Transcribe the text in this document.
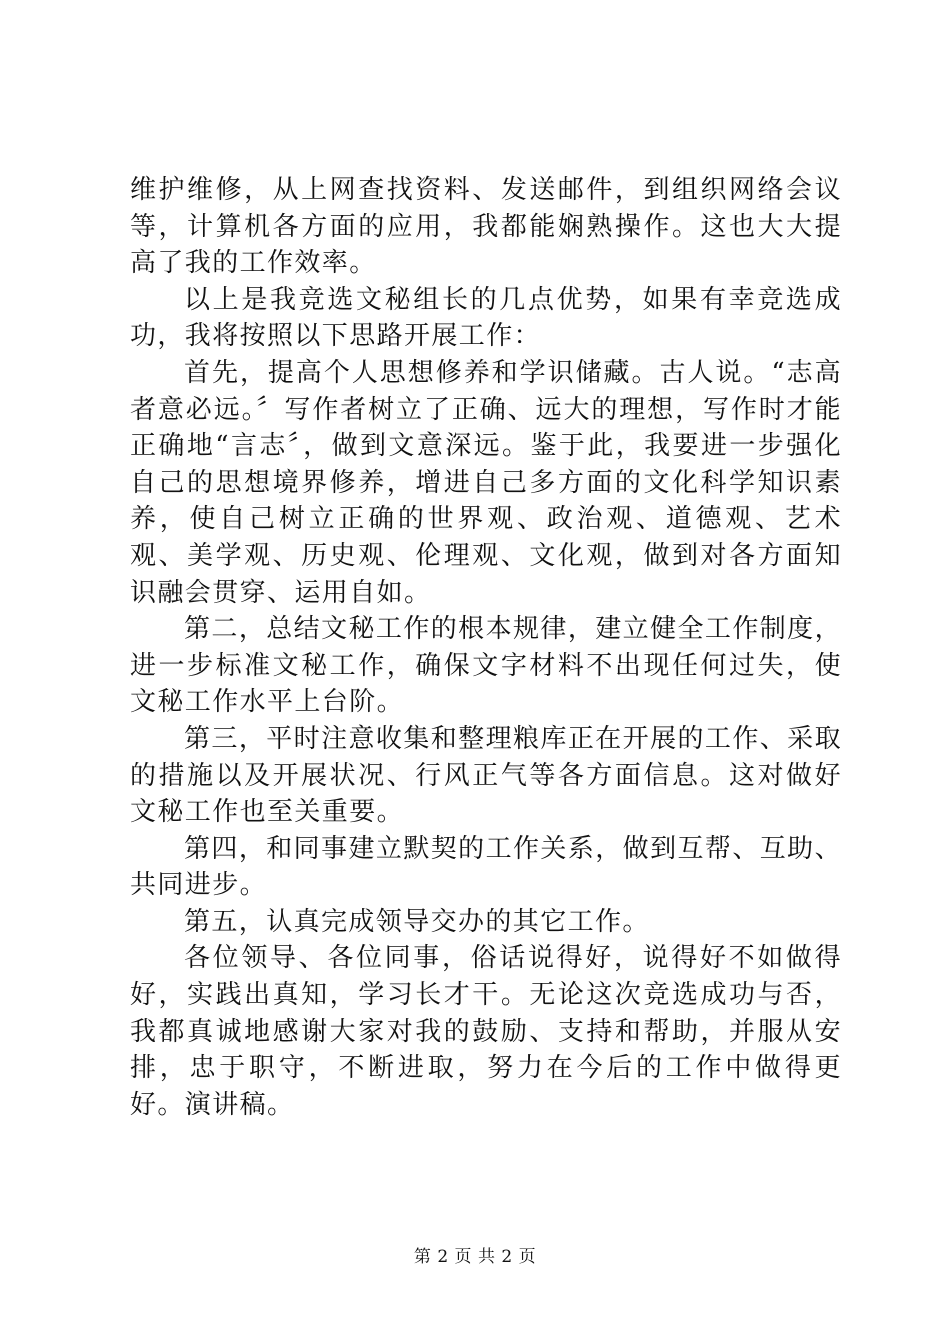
维护维修，从上网查找资料、发送邮件，到组织网络会议等，计算机各方面的应用，我都能娴熟操作。这也大大提高了我的工作效率。

以上是我竞选文秘组长的几点优势，如果有幸竞选成功，我将按照以下思路开展工作：

首先，提高个人思想修养和学识储藏。古人说。“志高者意必远。〞写作者树立了正确、远大的理想，写作时才能正确地“言志〞，做到文意深远。鉴于此，我要进一步强化自己的思想境界修养，增进自己多方面的文化科学知识素养，使自己树立正确的世界观、政治观、道德观、艺术观、美学观、历史观、伦理观、文化观，做到对各方面知识融会贯穿、运用自如。

第二，总结文秘工作的根本规律，建立健全工作制度，进一步标准文秘工作，确保文字材料不出现任何过失，使文秘工作水平上台阶。

第三，平时注意收集和整理粮库正在开展的工作、采取的措施以及开展状况、行风正气等各方面信息。这对做好文秘工作也至关重要。

第四，和同事建立默契的工作关系，做到互帮、互助、共同进步。

第五，认真完成领导交办的其它工作。

各位领导、各位同事，俗话说得好，说得好不如做得好，实践出真知，学习长才干。无论这次竞选成功与否，我都真诚地感谢大家对我的鼓励、支持和帮助，并服从安排，忠于职守，不断进取，努力在今后的工作中做得更好。演讲稿。

第 2 页 共 2 页
